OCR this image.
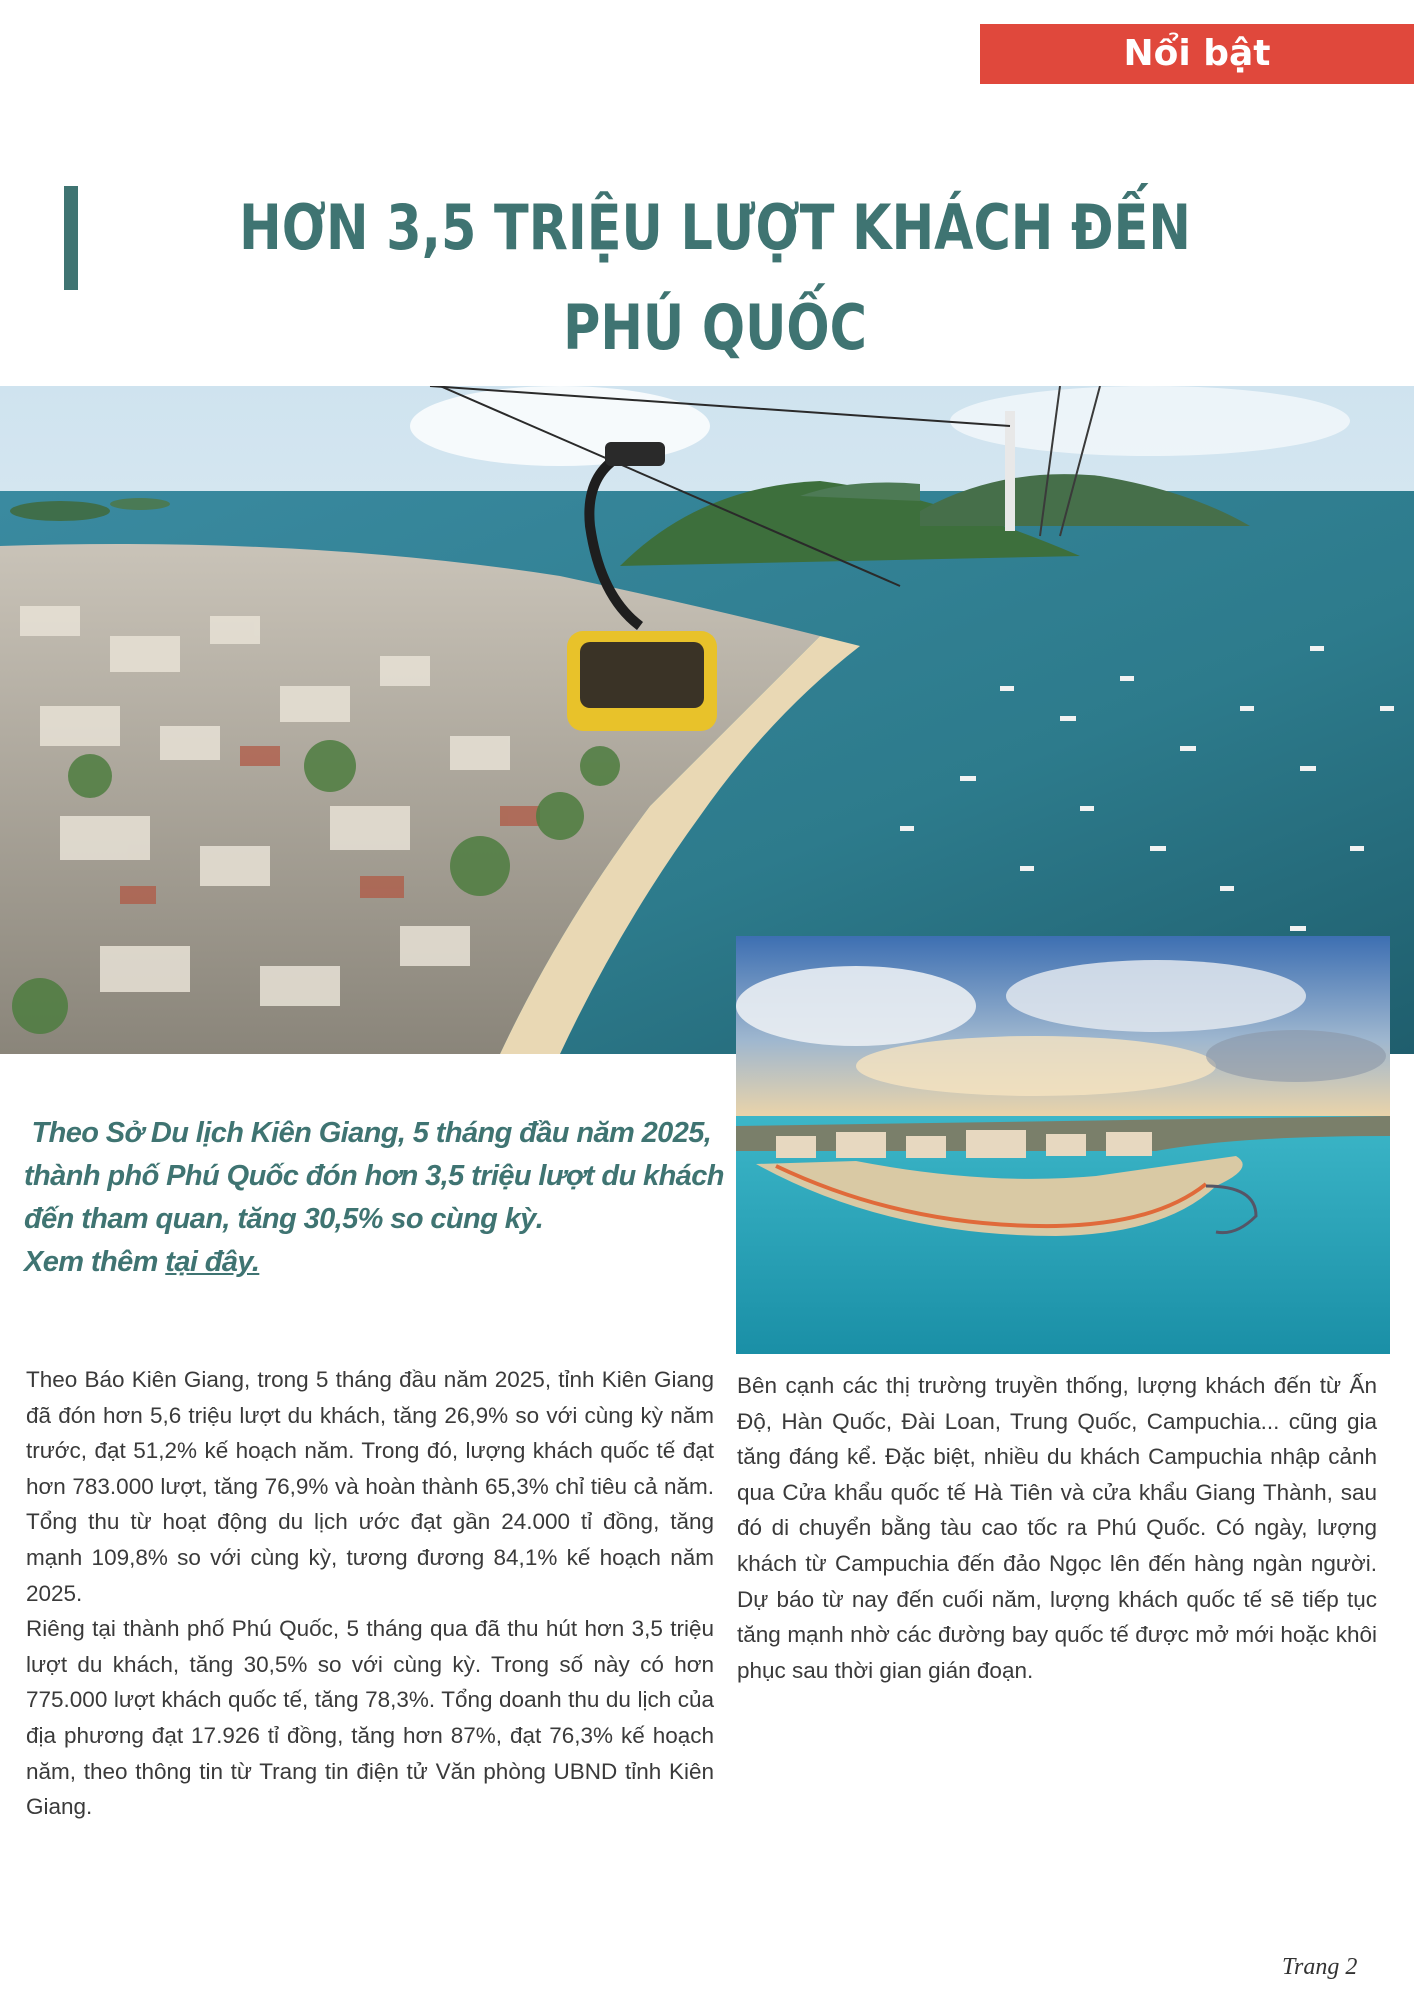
Nổi bật
HƠN 3,5 TRIỆU LƯỢT KHÁCH ĐẾN PHÚ QUỐC

Theo Sở Du lịch Kiên Giang, 5 tháng đầu năm 2025, thành phố Phú Quốc đón hơn 3,5 triệu lượt du khách đến tham quan, tăng 30,5% so cùng kỳ.
Xem thêm tại đây.

Theo Báo Kiên Giang, trong 5 tháng đầu năm 2025, tỉnh Kiên Giang đã đón hơn 5,6 triệu lượt du khách, tăng 26,9% so với cùng kỳ năm trước, đạt 51,2% kế hoạch năm. Trong đó, lượng khách quốc tế đạt hơn 783.000 lượt, tăng 76,9% và hoàn thành 65,3% chỉ tiêu cả năm. Tổng thu từ hoạt động du lịch ước đạt gần 24.000 tỉ đồng, tăng mạnh 109,8% so với cùng kỳ, tương đương 84,1% kế hoạch năm 2025.

Riêng tại thành phố Phú Quốc, 5 tháng qua đã thu hút hơn 3,5 triệu lượt du khách, tăng 30,5% so với cùng kỳ. Trong số này có hơn 775.000 lượt khách quốc tế, tăng 78,3%. Tổng doanh thu du lịch của địa phương đạt 17.926 tỉ đồng, tăng hơn 87%, đạt 76,3% kế hoạch năm, theo thông tin từ Trang tin điện tử Văn phòng UBND tỉnh Kiên Giang.

Bên cạnh các thị trường truyền thống, lượng khách đến từ Ấn Độ, Hàn Quốc, Đài Loan, Trung Quốc, Campuchia... cũng gia tăng đáng kể. Đặc biệt, nhiều du khách Campuchia nhập cảnh qua Cửa khẩu quốc tế Hà Tiên và cửa khẩu Giang Thành, sau đó di chuyển bằng tàu cao tốc ra Phú Quốc. Có ngày, lượng khách từ Campuchia đến đảo Ngọc lên đến hàng ngàn người. Dự báo từ nay đến cuối năm, lượng khách quốc tế sẽ tiếp tục tăng mạnh nhờ các đường bay quốc tế được mở mới hoặc khôi phục sau thời gian gián đoạn.

Trang 2
